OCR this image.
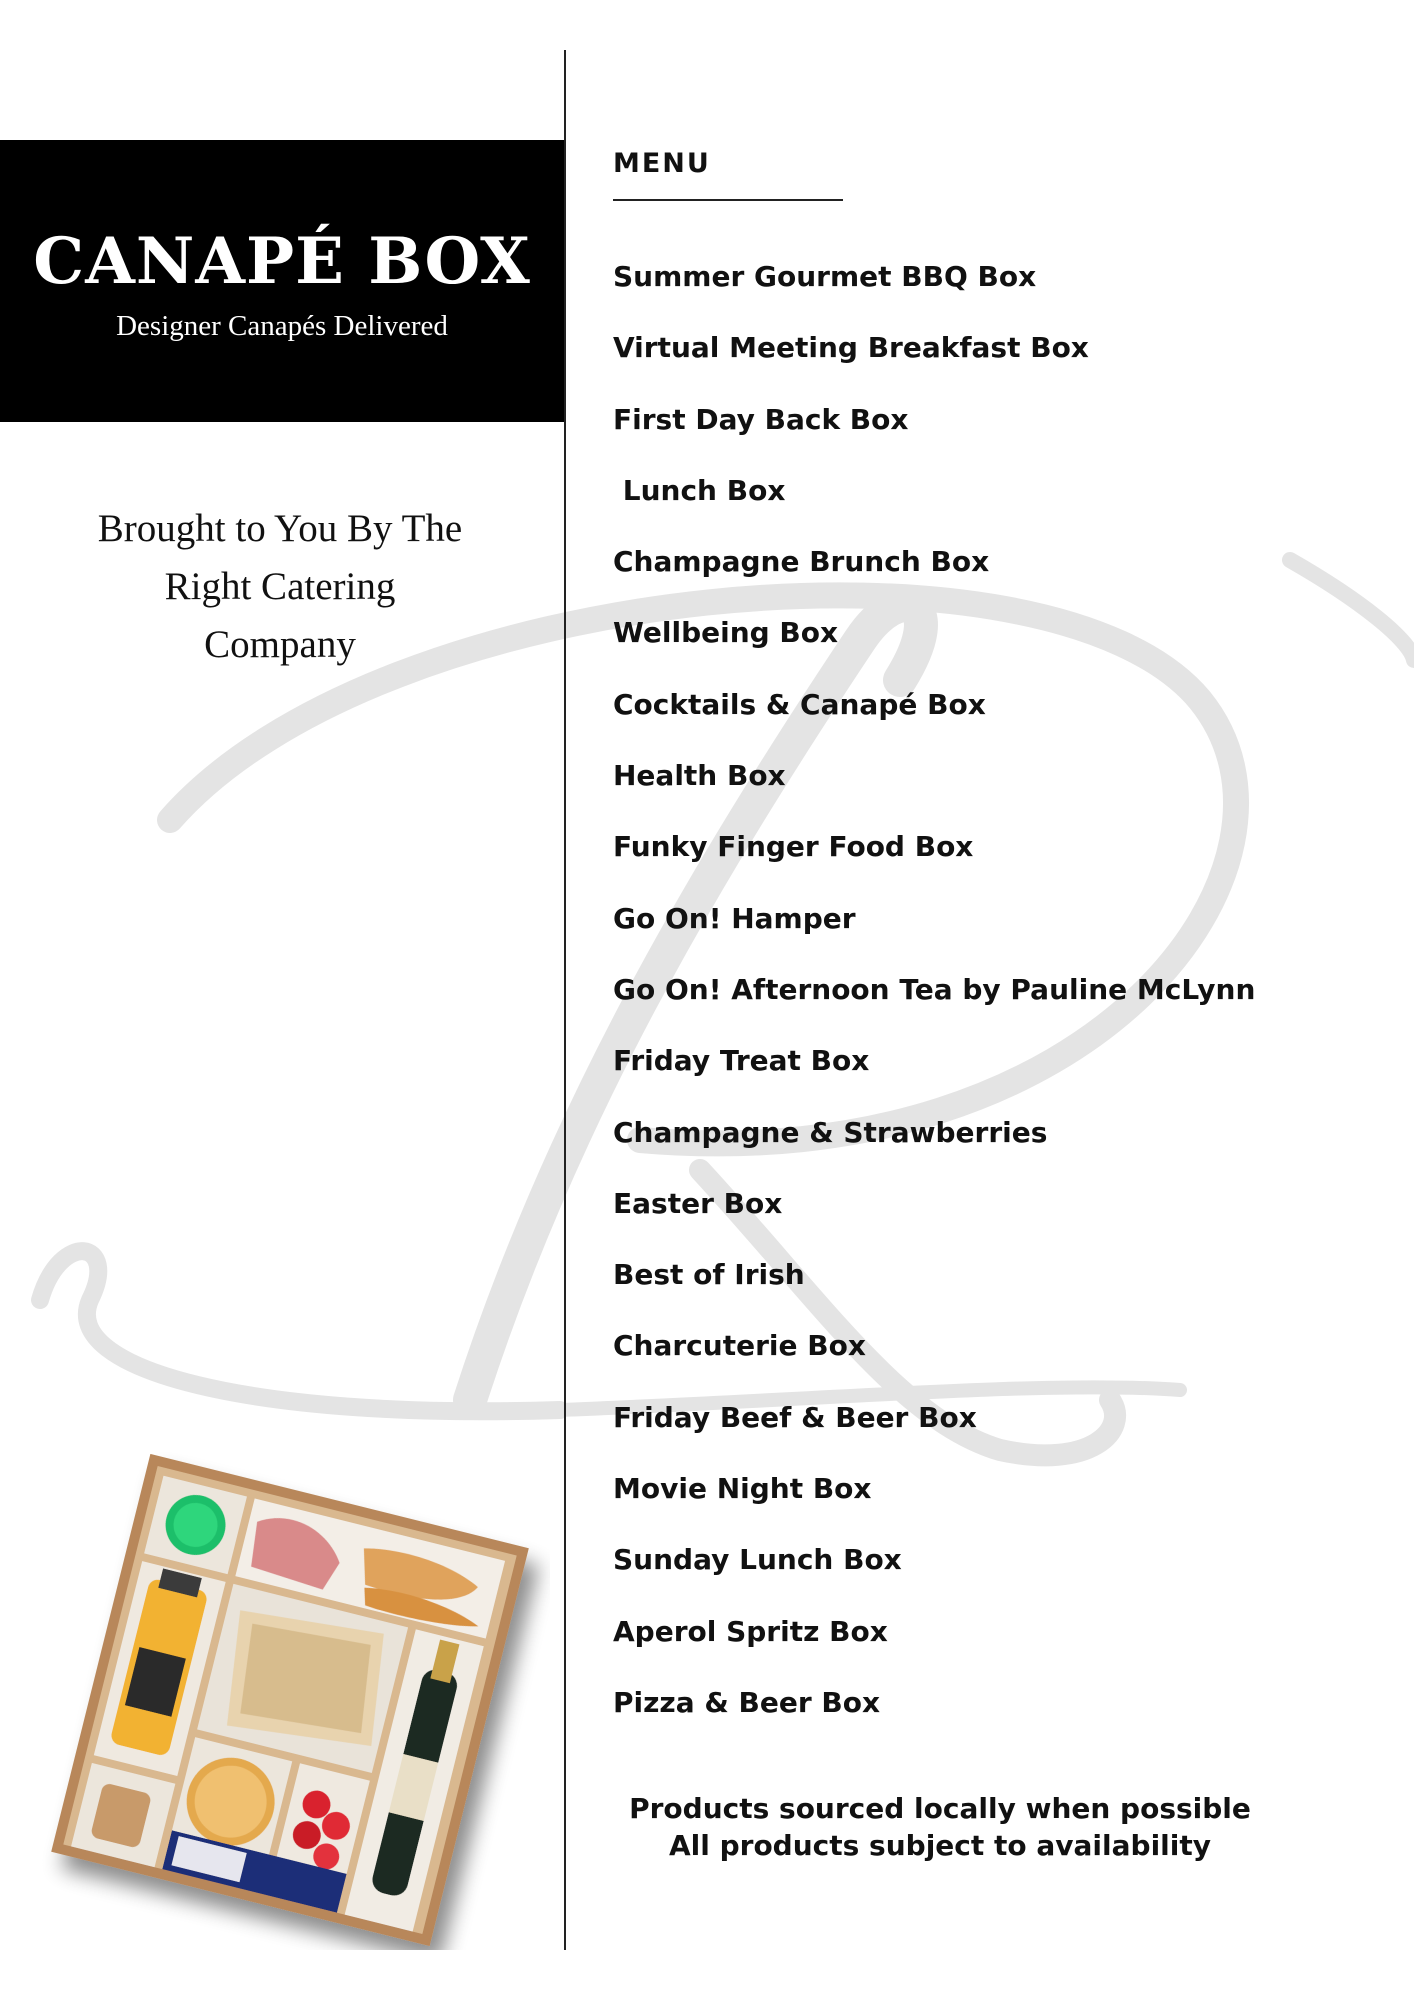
CANAPÉ BOX
Designer Canapés Delivered
Brought to You By The
Right Catering
Company
MENU
Summer Gourmet BBQ Box
Virtual Meeting Breakfast Box
First Day Back Box
Lunch Box
Champagne Brunch Box
Wellbeing Box
Cocktails & Canapé Box
Health Box
Funky Finger Food Box
Go On! Hamper
Go On! Afternoon Tea by Pauline McLynn
Friday Treat Box
Champagne & Strawberries
Easter Box
Best of Irish
Charcuterie Box
Friday Beef & Beer Box
Movie Night Box
Sunday Lunch Box
Aperol Spritz Box
Pizza & Beer Box
Products sourced locally when possible
All products subject to availability
